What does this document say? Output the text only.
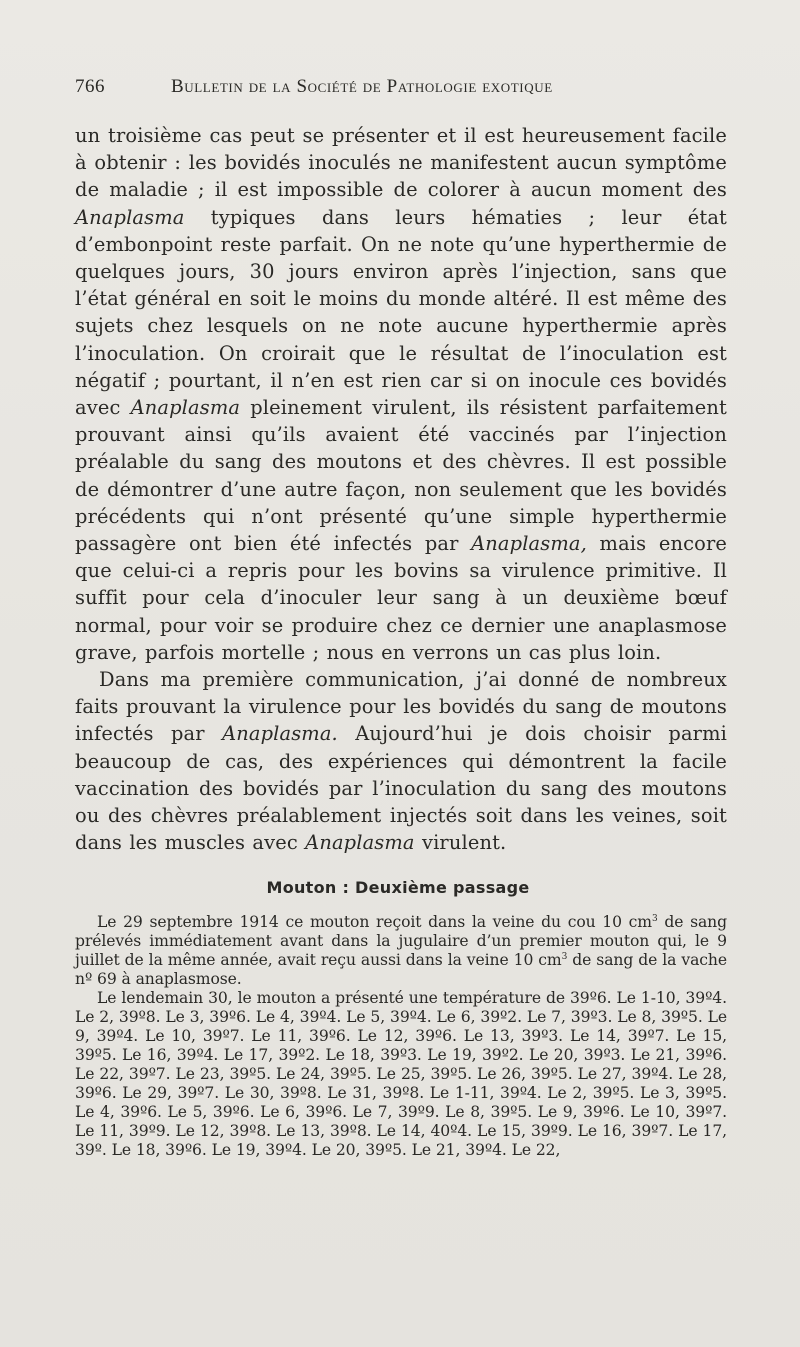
766	Bulletin de la Société de Pathologie exotique

un troisième cas peut se présenter et il est heureusement facile à obtenir : les bovidés inoculés ne manifestent aucun symptôme de maladie ; il est impossible de colorer à aucun moment des Anaplasma typiques dans leurs hématies ; leur état d’embonpoint reste parfait. On ne note qu’une hyperthermie de quelques jours, 30 jours environ après l’injection, sans que l’état général en soit le moins du monde altéré. Il est même des sujets chez lesquels on ne note aucune hyperthermie après l’inoculation. On croirait que le résultat de l’inoculation est négatif ; pourtant, il n’en est rien car si on inocule ces bovidés avec Anaplasma pleinement virulent, ils résistent parfaitement prouvant ainsi qu’ils avaient été vaccinés par l’injection préalable du sang des moutons et des chèvres. Il est possible de démontrer d’une autre façon, non seulement que les bovidés précédents qui n’ont présenté qu’une simple hyperthermie passagère ont bien été infectés par Anaplasma, mais encore que celui-ci a repris pour les bovins sa virulence primitive. Il suffit pour cela d’inoculer leur sang à un deuxième bœuf normal, pour voir se produire chez ce dernier une anaplasmose grave, parfois mortelle ; nous en verrons un cas plus loin.

Dans ma première communication, j’ai donné de nombreux faits prouvant la virulence pour les bovidés du sang de moutons infectés par Anaplasma. Aujourd’hui je dois choisir parmi beaucoup de cas, des expériences qui démontrent la facile vaccination des bovidés par l’inoculation du sang des moutons ou des chèvres préalablement injectés soit dans les veines, soit dans les muscles avec Anaplasma virulent.

Mouton : Deuxième passage

Le 29 septembre 1914 ce mouton reçoit dans la veine du cou 10 $cm^3$ de sang prélevés immédiatement avant dans la jugulaire d’un premier mouton qui, le 9 juillet de la même année, avait reçu aussi dans la veine 10 $cm^3$ de sang de la vache nº 69 à anaplasmose.

Le lendemain 30, le mouton a présenté une température de 39º6. Le 1-10, 39º4. Le 2, 39º8. Le 3, 39º6. Le 4, 39º4. Le 5, 39º4. Le 6, 39º2. Le 7, 39º3. Le 8, 39º5. Le 9, 39º4. Le 10, 39º7. Le 11, 39º6. Le 12, 39º6. Le 13, 39º3. Le 14, 39º7. Le 15, 39º5. Le 16, 39º4. Le 17, 39º2. Le 18, 39º3. Le 19, 39º2. Le 20, 39º3. Le 21, 39º6. Le 22, 39º7. Le 23, 39º5. Le 24, 39º5. Le 25, 39º5. Le 26, 39º5. Le 27, 39º4. Le 28, 39º6. Le 29, 39º7. Le 30, 39º8. Le 31, 39º8. Le 1-11, 39º4. Le 2, 39º5. Le 3, 39º5. Le 4, 39º6. Le 5, 39º6. Le 6, 39º6. Le 7, 39º9. Le 8, 39º5. Le 9, 39º6. Le 10, 39º7. Le 11, 39º9. Le 12, 39º8. Le 13, 39º8. Le 14, 40º4. Le 15, 39º9. Le 16, 39º7. Le 17, 39º. Le 18, 39º6. Le 19, 39º4. Le 20, 39º5. Le 21, 39º4. Le 22,
